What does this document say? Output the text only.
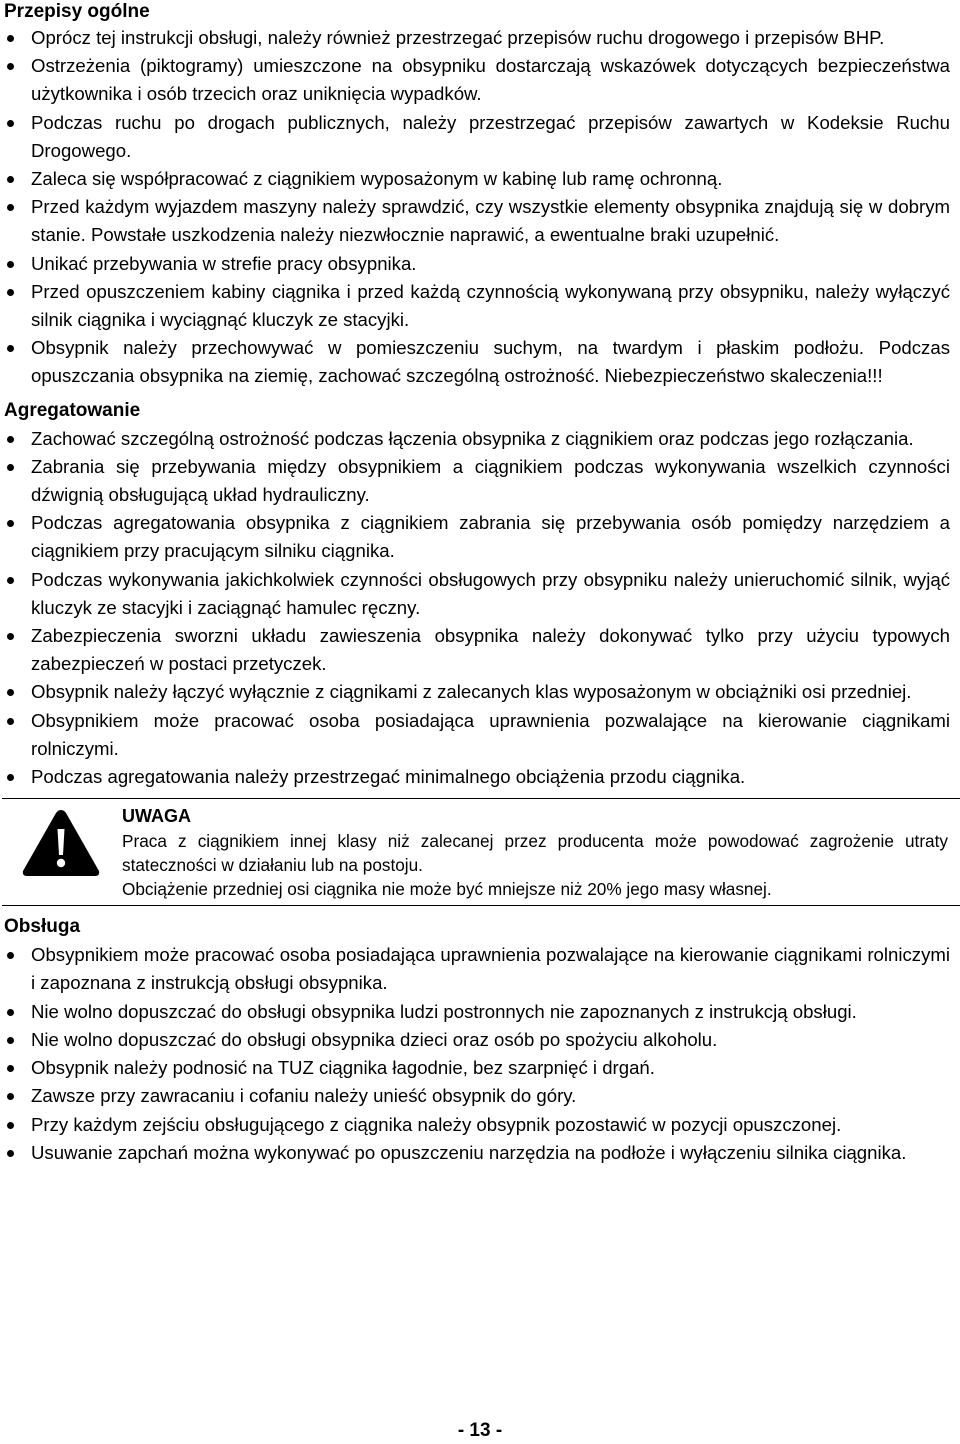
Przepisy ogólne
Oprócz tej instrukcji obsługi, należy również przestrzegać przepisów ruchu drogowego i przepisów BHP.
Ostrzeżenia (piktogramy) umieszczone na obsypniku dostarczają wskazówek dotyczących bezpieczeństwa użytkownika i osób trzecich oraz uniknięcia wypadków.
Podczas ruchu po drogach publicznych, należy przestrzegać przepisów zawartych w Kodeksie Ruchu Drogowego.
Zaleca się współpracować z ciągnikiem wyposażonym w kabinę lub ramę ochronną.
Przed każdym wyjazdem maszyny należy sprawdzić, czy wszystkie elementy obsypnika znajdują się w dobrym stanie. Powstałe uszkodzenia należy niezwłocznie naprawić, a ewentualne braki uzupełnić.
Unikać przebywania w strefie pracy obsypnika.
Przed opuszczeniem kabiny ciągnika i przed każdą czynnością wykonywaną przy obsypniku, należy wyłączyć silnik ciągnika i wyciągnąć kluczyk ze stacyjki.
Obsypnik należy przechowywać w pomieszczeniu suchym, na twardym i płaskim podłożu. Podczas opuszczania obsypnika na ziemię, zachować szczególną ostrożność. Niebezpieczeństwo skaleczenia!!!
Agregatowanie
Zachować szczególną ostrożność podczas łączenia obsypnika z ciągnikiem oraz podczas jego rozłączania.
Zabrania się przebywania między obsypnikiem a ciągnikiem podczas wykonywania wszelkich czynności dźwignią obsługującą układ hydrauliczny.
Podczas agregatowania obsypnika z ciągnikiem zabrania się przebywania osób pomiędzy narzędziem a ciągnikiem przy pracującym silniku ciągnika.
Podczas wykonywania jakichkolwiek czynności obsługowych przy obsypniku należy unieruchomić silnik, wyjąć kluczyk ze stacyjki i zaciągnąć hamulec ręczny.
Zabezpieczenia sworzni układu zawieszenia obsypnika należy dokonywać tylko przy użyciu typowych zabezpieczeń w postaci przetyczek.
Obsypnik należy łączyć wyłącznie z ciągnikami z zalecanych klas wyposażonym w obciążniki osi przedniej.
Obsypnikiem może pracować osoba posiadająca uprawnienia pozwalające na kierowanie ciągnikami rolniczymi.
Podczas agregatowania należy przestrzegać minimalnego obciążenia przodu ciągnika.
UWAGA
Praca z ciągnikiem innej klasy niż zalecanej przez producenta może powodować zagrożenie utraty stateczności w działaniu lub na postoju.
Obciążenie przedniej osi ciągnika nie może być mniejsze niż 20% jego masy własnej.
Obsługa
Obsypnikiem może pracować osoba posiadająca uprawnienia pozwalające na kierowanie ciągnikami rolniczymi i zapoznana z instrukcją obsługi obsypnika.
Nie wolno dopuszczać do obsługi obsypnika ludzi postronnych nie zapoznanych z instrukcją obsługi.
Nie wolno dopuszczać do obsługi obsypnika dzieci oraz osób po spożyciu alkoholu.
Obsypnik należy podnosić na TUZ ciągnika łagodnie, bez szarpnięć i drgań.
Zawsze przy zawracaniu i cofaniu należy unieść obsypnik do góry.
Przy każdym zejściu obsługującego z ciągnika należy obsypnik pozostawić w pozycji opuszczonej.
Usuwanie zapchań można wykonywać po opuszczeniu narzędzia na podłoże i wyłączeniu silnika ciągnika.
- 13 -
